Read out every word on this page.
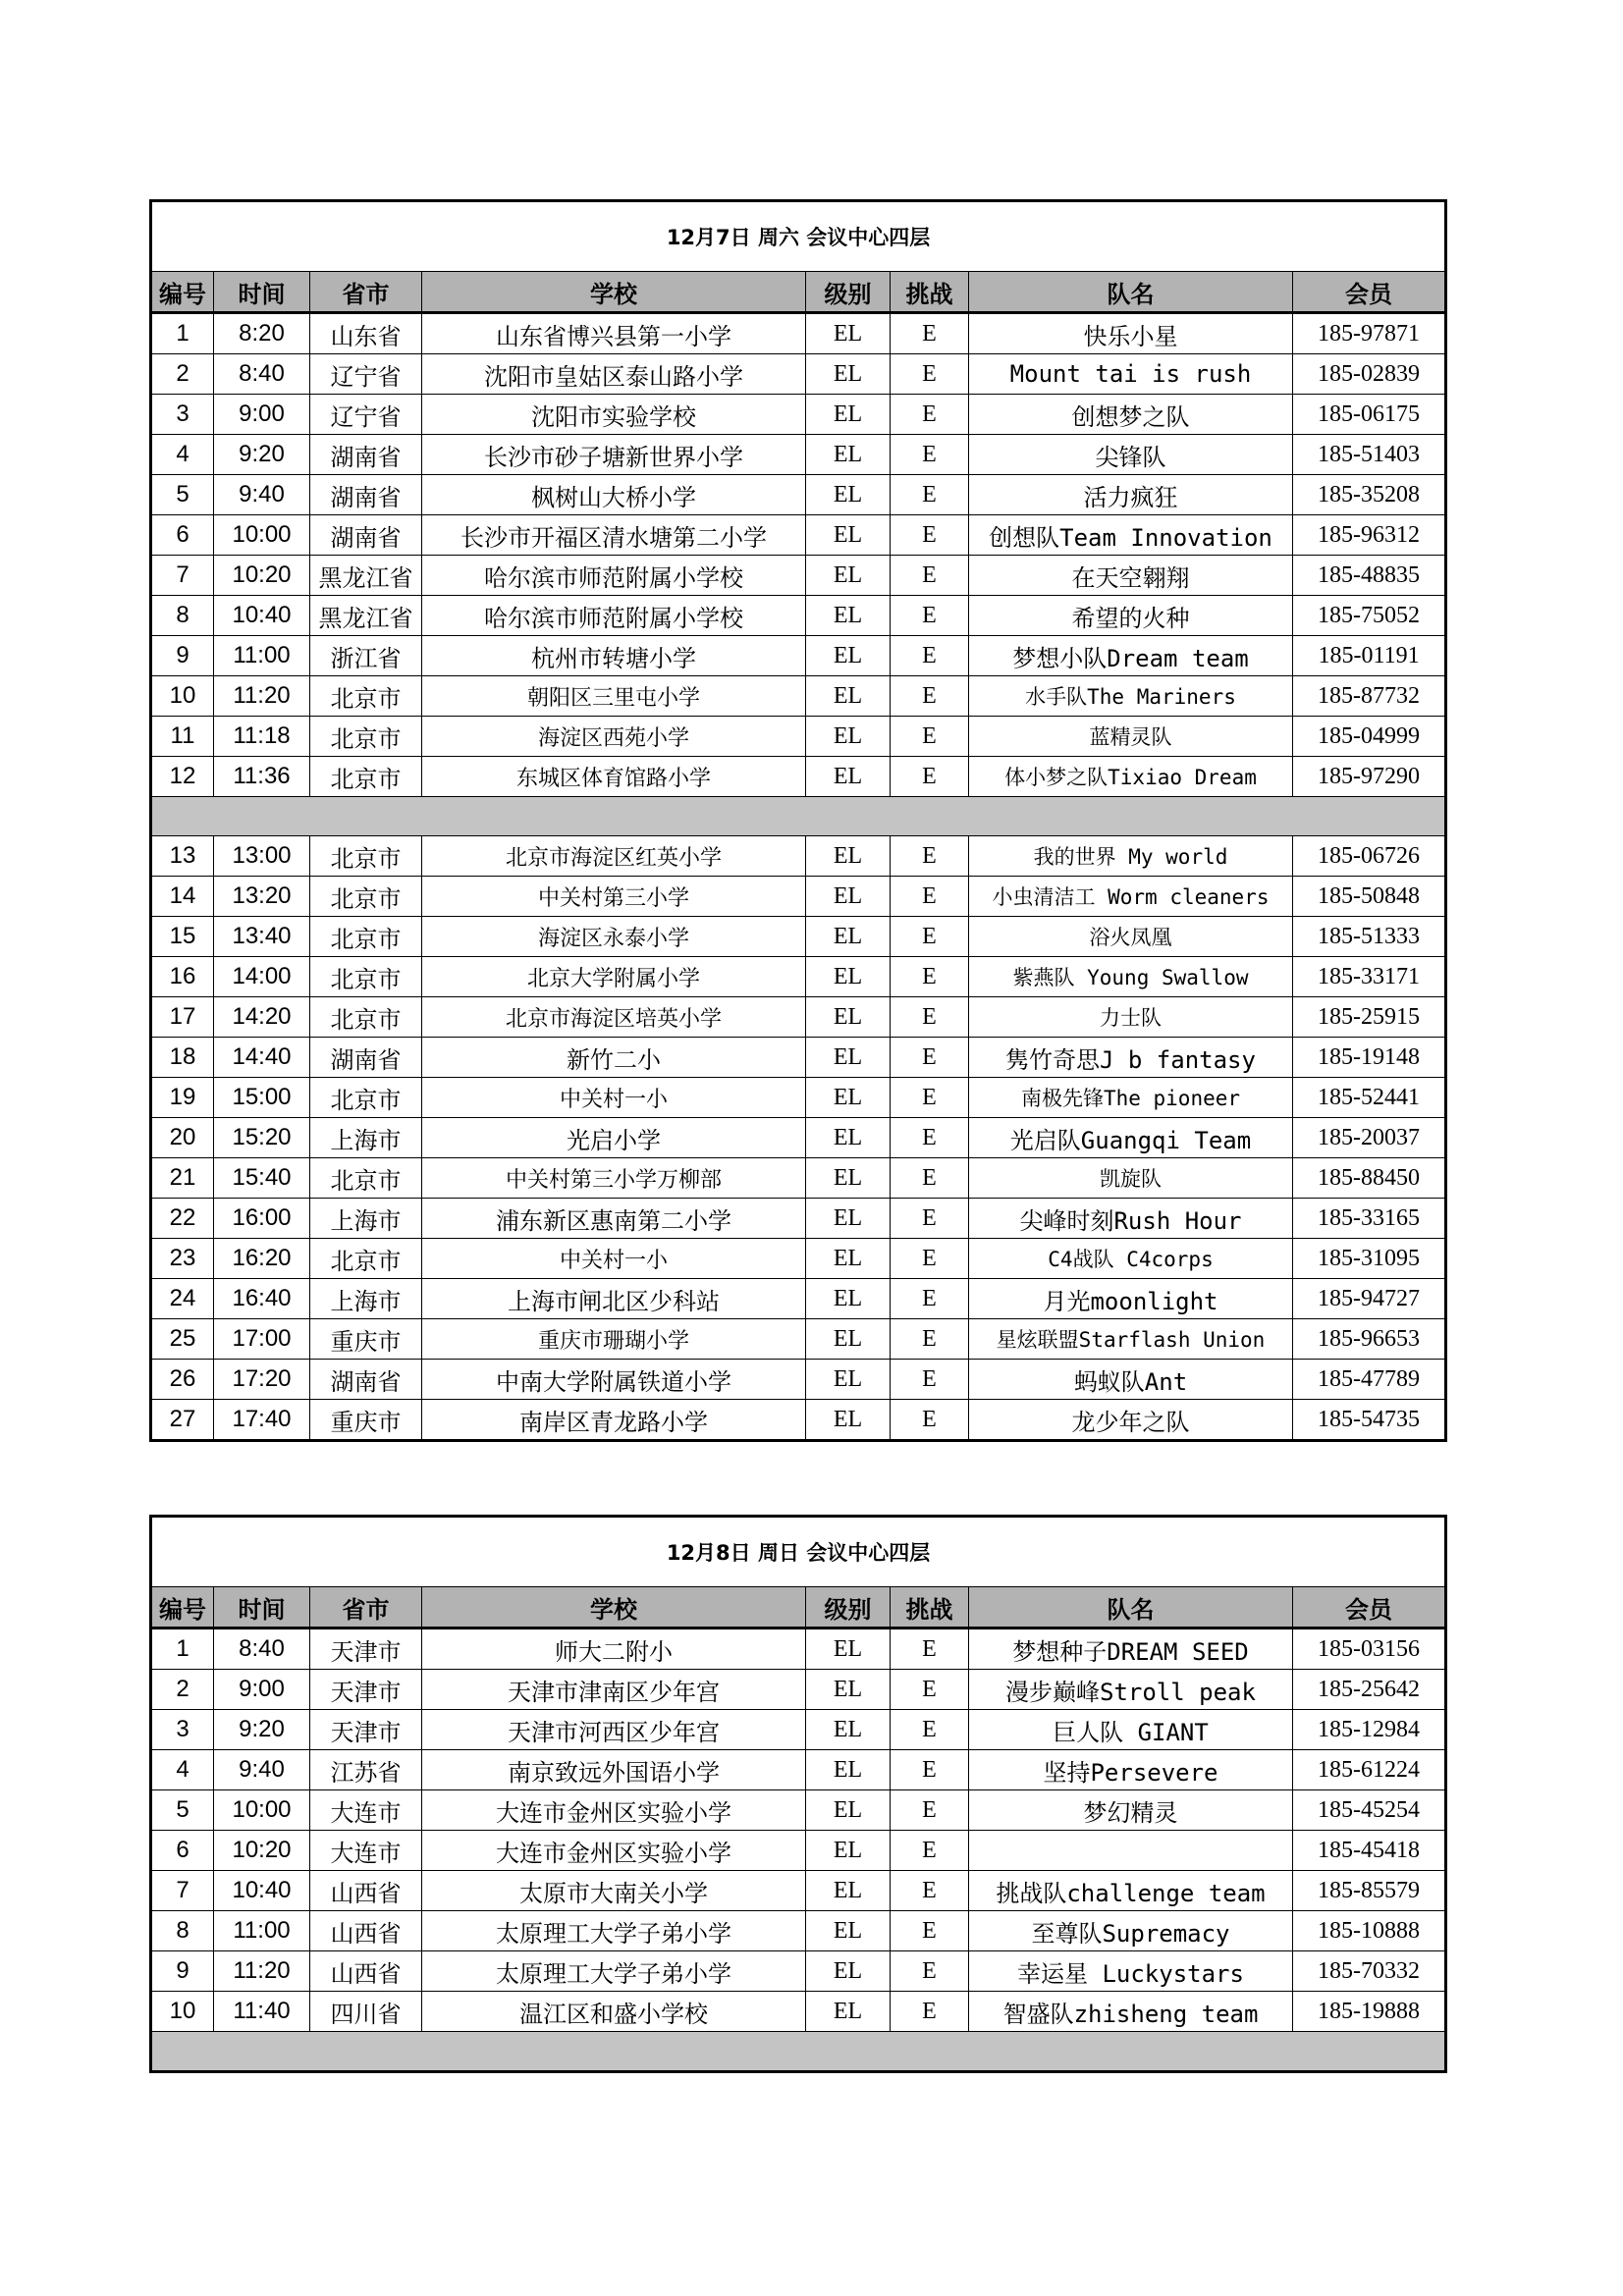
12月7日 周六 会议中心四层							
编号	时间	省市	学校	级别	挑战	队名	会员
1	8:20	山东省	山东省博兴县第一小学	EL	E	快乐小星	185-97871
2	8:40	辽宁省	沈阳市皇姑区泰山路小学	EL	E	Mount tai is rush	185-02839
3	9:00	辽宁省	沈阳市实验学校	EL	E	创想梦之队	185-06175
4	9:20	湖南省	长沙市砂子塘新世界小学	EL	E	尖锋队	185-51403
5	9:40	湖南省	枫树山大桥小学	EL	E	活力疯狂	185-35208
6	10:00	湖南省	长沙市开福区清水塘第二小学	EL	E	创想队Team Innovation	185-96312
7	10:20	黑龙江省	哈尔滨市师范附属小学校	EL	E	在天空翱翔	185-48835
8	10:40	黑龙江省	哈尔滨市师范附属小学校	EL	E	希望的火种	185-75052
9	11:00	浙江省	杭州市转塘小学	EL	E	梦想小队Dream team	185-01191
10	11:20	北京市	朝阳区三里屯小学	EL	E	水手队The Mariners	185-87732
11	11:18	北京市	海淀区西苑小学	EL	E	蓝精灵队	185-04999
12	11:36	北京市	东城区体育馆路小学	EL	E	体小梦之队Tixiao Dream	185-97290

13	13:00	北京市	北京市海淀区红英小学	EL	E	我的世界 My world	185-06726
14	13:20	北京市	中关村第三小学	EL	E	小虫清洁工 Worm cleaners	185-50848
15	13:40	北京市	海淀区永泰小学	EL	E	浴火凤凰	185-51333
16	14:00	北京市	北京大学附属小学	EL	E	紫燕队 Young Swallow	185-33171
17	14:20	北京市	北京市海淀区培英小学	EL	E	力士队	185-25915
18	14:40	湖南省	新竹二小	EL	E	隽竹奇思J b fantasy	185-19148
19	15:00	北京市	中关村一小	EL	E	南极先锋The pioneer	185-52441
20	15:20	上海市	光启小学	EL	E	光启队Guangqi Team	185-20037
21	15:40	北京市	中关村第三小学万柳部	EL	E	凯旋队	185-88450
22	16:00	上海市	浦东新区惠南第二小学	EL	E	尖峰时刻Rush Hour	185-33165
23	16:20	北京市	中关村一小	EL	E	C4战队 C4corps	185-31095
24	16:40	上海市	上海市闸北区少科站	EL	E	月光moonlight	185-94727
25	17:00	重庆市	重庆市珊瑚小学	EL	E	星炫联盟Starflash Union	185-96653
26	17:20	湖南省	中南大学附属铁道小学	EL	E	蚂蚁队Ant	185-47789
27	17:40	重庆市	南岸区青龙路小学	EL	E	龙少年之队	185-54735
12月8日 周日 会议中心四层							
编号	时间	省市	学校	级别	挑战	队名	会员
1	8:40	天津市	师大二附小	EL	E	梦想种子DREAM SEED	185-03156
2	9:00	天津市	天津市津南区少年宫	EL	E	漫步巅峰Stroll peak	185-25642
3	9:20	天津市	天津市河西区少年宫	EL	E	巨人队 GIANT	185-12984
4	9:40	江苏省	南京致远外国语小学	EL	E	坚持Persevere	185-61224
5	10:00	大连市	大连市金州区实验小学	EL	E	梦幻精灵	185-45254
6	10:20	大连市	大连市金州区实验小学	EL	E		185-45418
7	10:40	山西省	太原市大南关小学	EL	E	挑战队challenge team	185-85579
8	11:00	山西省	太原理工大学子弟小学	EL	E	至尊队Supremacy	185-10888
9	11:20	山西省	太原理工大学子弟小学	EL	E	幸运星 Luckystars	185-70332
10	11:40	四川省	温江区和盛小学校	EL	E	智盛队zhisheng team	185-19888
